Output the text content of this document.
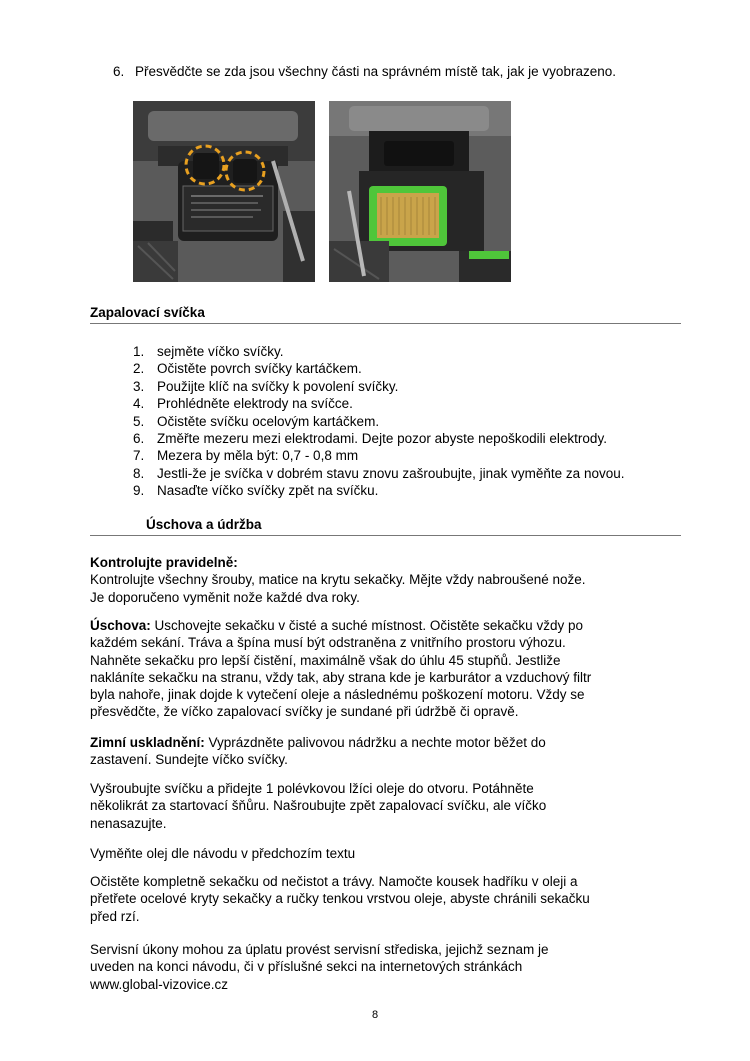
6. Přesvědčte se zda jsou všechny části na správném místě tak, jak je vyobrazeno.
Zapalovací svíčka
1. sejměte víčko svíčky.
2. Očistěte povrch svíčky kartáčkem.
3. Použijte klíč na svíčky k povolení svíčky.
4. Prohlédněte elektrody na svíčce.
5. Očistěte svíčku ocelovým kartáčkem.
6. Změřte mezeru mezi elektrodami. Dejte pozor abyste nepoškodili elektrody.
7. Mezera by měla být: 0,7 - 0,8 mm
8. Jestli-že je svíčka v dobrém stavu znovu zašroubujte, jinak vyměňte za novou.
9. Nasaďte víčko svíčky zpět na svíčku.
Úschova a údržba
Kontrolujte pravidelně:
Kontrolujte všechny šrouby, matice na krytu sekačky. Mějte vždy nabroušené nože.
Je doporučeno vyměnit nože každé dva roky.
Úschova: Uschovejte sekačku v čisté a suché místnost. Očistěte sekačku vždy po
každém sekání. Tráva a špína musí být odstraněna z vnitřního prostoru výhozu.
Nahněte sekačku pro lepší čistění, maximálně však do úhlu 45 stupňů. Jestliže
nakláníte sekačku na stranu, vždy tak, aby strana kde je karburátor a vzduchový filtr
byla nahoře, jinak dojde k vytečení oleje a následnému poškození motoru. Vždy se
přesvědčte, že víčko zapalovací svíčky je sundané při údržbě či opravě.
Zimní uskladnění: Vyprázdněte palivovou nádržku a nechte motor běžet do
zastavení. Sundejte víčko svíčky.
Vyšroubujte svíčku a přidejte 1 polévkovou lžíci oleje do otvoru. Potáhněte
několikrát za startovací šňůru. Našroubujte zpět zapalovací svíčku, ale víčko
nenasazujte.
Vyměňte olej dle návodu v předchozím textu
Očistěte kompletně sekačku od nečistot a trávy. Namočte kousek hadříku v oleji a
přetřete ocelové kryty sekačky a ručky tenkou vrstvou oleje, abyste chránili sekačku
před rzí.
Servisní úkony mohou za úplatu provést servisní střediska, jejichž seznam je
uveden na konci návodu, či v příslušné sekci na internetových stránkách
www.global-vizovice.cz
8
